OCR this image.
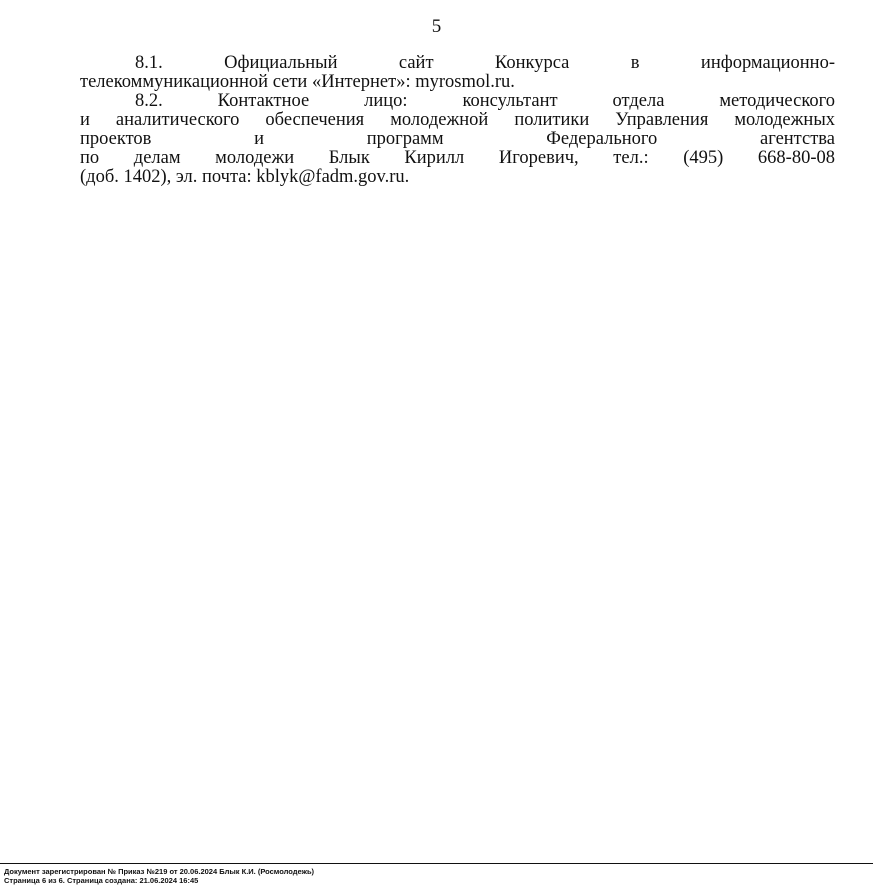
5
8.1. Официальный сайт Конкурса в информационно-
телекоммуникационной сети «Интернет»: myrosmol.ru.
8.2. Контактное лицо: консультант отдела методического
и аналитического обеспечения молодежной политики Управления молодежных
проектов и программ Федерального агентства
по делам молодежи Блык Кирилл Игоревич, тел.: (495) 668-80-08
(доб. 1402), эл. почта: kblyk@fadm.gov.ru.
Документ зарегистрирован № Приказ №219 от 20.06.2024 Блык К.И. (Росмолодежь)
Страница 6 из 6. Страница создана: 21.06.2024 16:45
